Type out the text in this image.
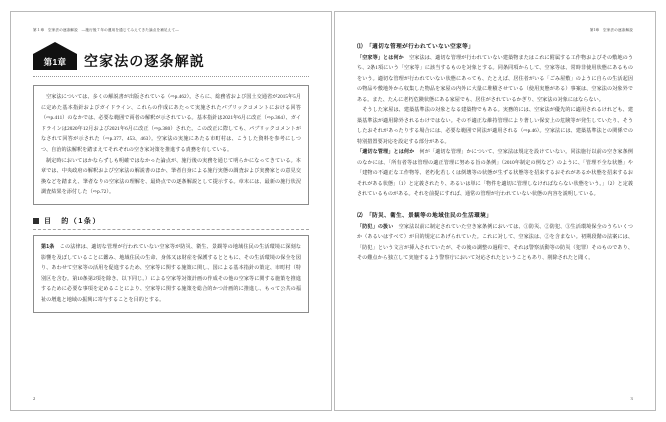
第１章　空家法の逐条解説　―施行後７年の運用を通じてみえてきた論点を補足えて―
第1章	空家法の逐条解説

空家法については、多くの解説書が出版されている（⇨p.462）。さらに、総務省および国土交通省が2015年5月に定めた基本指針およびガイドライン、これらの作成にあたって実施されたパブリックコメントにおける回答（⇨p.411）のなかでは、必要な範囲で両者の解釈が示されている。基本指針は2021年6月に改正（⇨p.364）、ガイドラインは2020年12月および2021年6月に改正（⇨p.380）された。この改正に際しても、パブリックコメントがなされて回答が示された（⇨p.377、453、463）。空家法の実施にあたる市町村は、こうした資料を参考にしつつ、自治的法解釈を踏まえてそれぞれの空き家対策を推進する責務を有している。

制定時においてはかならずしも明確ではなかった論点が、施行後の実務を通じて明らかになってきている。本章では、中央政府の解釈および空家法の解説書のほか、筆者自身による施行実態の調査および実務家との意見交換などを踏まえ、筆者なりの空家法の理解を、最終点での逐条解説として提示する。章末には、最新の施行状況調査結果を添付した（⇨p.72）。

目　的（1条）

第1条　この法律は、適切な管理が行われていない空家等が防災、衛生、景観等の地域住民の生活環境に深刻な影響を及ぼしていることに鑑み、地域住民の生命、身体又は財産を保護するとともに、その生活環境の保全を図り、あわせて空家等の活用を促進するため、空家等に関する施策に関し、国による基本指針の策定、市町村（特別区を含む。第10条第2項を除き、以下同じ。）による空家等対策計画の作成その他の空家等に関する施策を推進するために必要な事項を定めることにより、空家等に関する施策を総合的かつ計画的に推進し、もって公共の福祉の増進と地域の振興に寄与することを目的とする。

2
第1章　空家法の逐条解説
⑴　「適切な管理が行われていない空家等」

「空家等」とは何か　空家法は、適切な管理が行われていない建築物またはこれに附属する工作物およびその敷地のうち、2条1項にいう「空家等」に該当するものを対象とする。同条同項からして、空家等は、常時非使用状態にあるものをいう。適切な管理が行われていない状態にあっても、たとえば、居住者がいる「ごみ屋敷」のように自らの生活起因の物品や敷地外から収集した物品を家屋の内外に大量に堆積させている（使用実態がある）事案は、空家法の対象外である。また、たんに老朽危険状態にある家屋でも、居住がされているかぎり、空家法の対象にはならない。

　そうした家屋は、建築基準法の対象となる建築物でもある。実務的には、空家法が優先的に適用されるけれども、建築基準法が適用除外されるわけではない。その不適正な維持管理により著しい保安上の危険等が発生していたり、そうしたおそれがあったりする場合には、必要な範囲で同法が適用される（⇨p.46）。空家法には、建築基準法との関係での特別措置要対応を設定する部分がある。

「適切な管理」とは何か　何が「適切な管理」かについて、空家法は規定を設けていない。同法施行以前の空き家条例のなかには、「所有者等は管理の適正管理に努める旨の条例」（2010年制定の例など）のように、「管理不全な状態」や「建物の不適正な工作物等、老朽化若しくは倒壊等の状態が生ずる状態等を招来するおそれがあるか状態を招来するおそれがある状態」（1）と定義されたり、あるいは単に「物件を適切に管理しなければならない状態をいう。」（2）と定義されているものがある。それを前提にすれば、通常の管理が行われていない状態の内容を説明している。

⑵　「防災、衛生、景観等の地域住民の生活環境」

「防犯」の扱い　空家法以前に制定されていた空き家条例においては、①防災、②防犯、③生活環境保全のうちいくつか（あるいはすべて）が目的規定にあげられていた。これに対して、空家法は、②を含まない。初期段階の法案には、「防犯」という文言が挿入されていたが、その後の調整の過程で、それは警察活動等の防災（犯罪）そのものであり、その難点から独立して実施するよう警察庁において対応されたということもあり、削除されたと聞く。

3
